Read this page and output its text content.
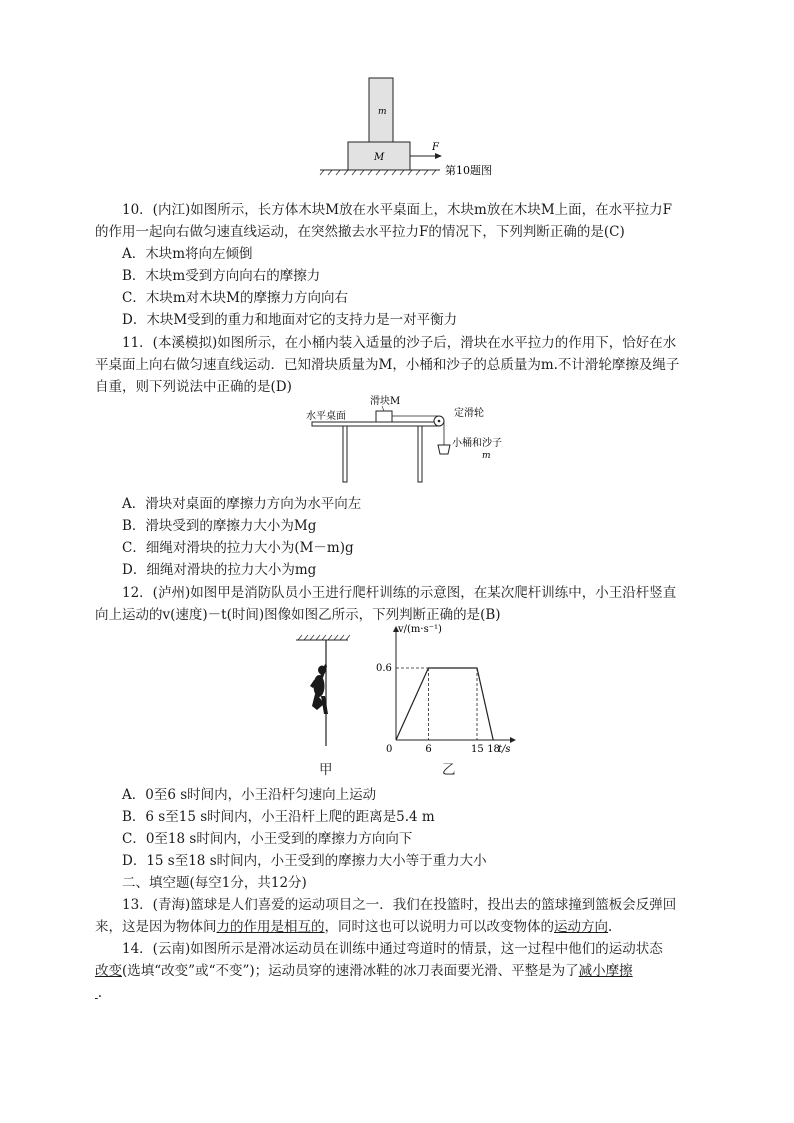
m
M
F
第10题图
10．(内江)如图所示，长方体木块M放在水平桌面上，木块m放在木块M上面，在水平拉力F
的作用一起向右做匀速直线运动，在突然撤去水平拉力F的情况下，下列判断正确的是(C)
A．木块m将向左倾倒
B．木块m受到方向向右的摩擦力
C．木块m对木块M的摩擦力方向向右
D．木块M受到的重力和地面对它的支持力是一对平衡力
11．(本溪模拟)如图所示，在小桶内装入适量的沙子后，滑块在水平拉力的作用下，恰好在水
平桌面上向右做匀速直线运动．已知滑块质量为M，小桶和沙子的总质量为m.不计滑轮摩擦及绳子
自重，则下列说法中正确的是(D)
滑块M
水平桌面	定滑轮
小桶和沙子
m
A．滑块对桌面的摩擦力方向为水平向左
B．滑块受到的摩擦力大小为Mg
C．细绳对滑块的拉力大小为(M－m)g
D．细绳对滑块的拉力大小为mg
12．(泸州)如图甲是消防队员小王进行爬杆训练的示意图，在某次爬杆训练中，小王沿杆竖直
向上运动的v(速度)－t(时间)图像如图乙所示，下列判断正确的是(B)
0	6	15 18
0.6
t/s
v/(m·s⁻¹)
甲	乙
A．0至6 s时间内，小王沿杆匀速向上运动
B．6 s至15 s时间内，小王沿杆上爬的距离是5.4 m
C．0至18 s时间内，小王受到的摩擦力方向向下
D．15 s至18 s时间内，小王受到的摩擦力大小等于重力大小
二、填空题(每空1分，共12分)
13．(青海)篮球是人们喜爱的运动项目之一．我们在投篮时，投出去的篮球撞到篮板会反弹回
来，这是因为物体间力的作用是相互的，同时这也可以说明力可以改变物体的运动方向.
14．(云南)如图所示是滑冰运动员在训练中通过弯道时的情景，这一过程中他们的运动状态
改变(选填“改变”或“不变”)；运动员穿的速滑冰鞋的冰刀表面要光滑、平整是为了减小摩擦
  .
